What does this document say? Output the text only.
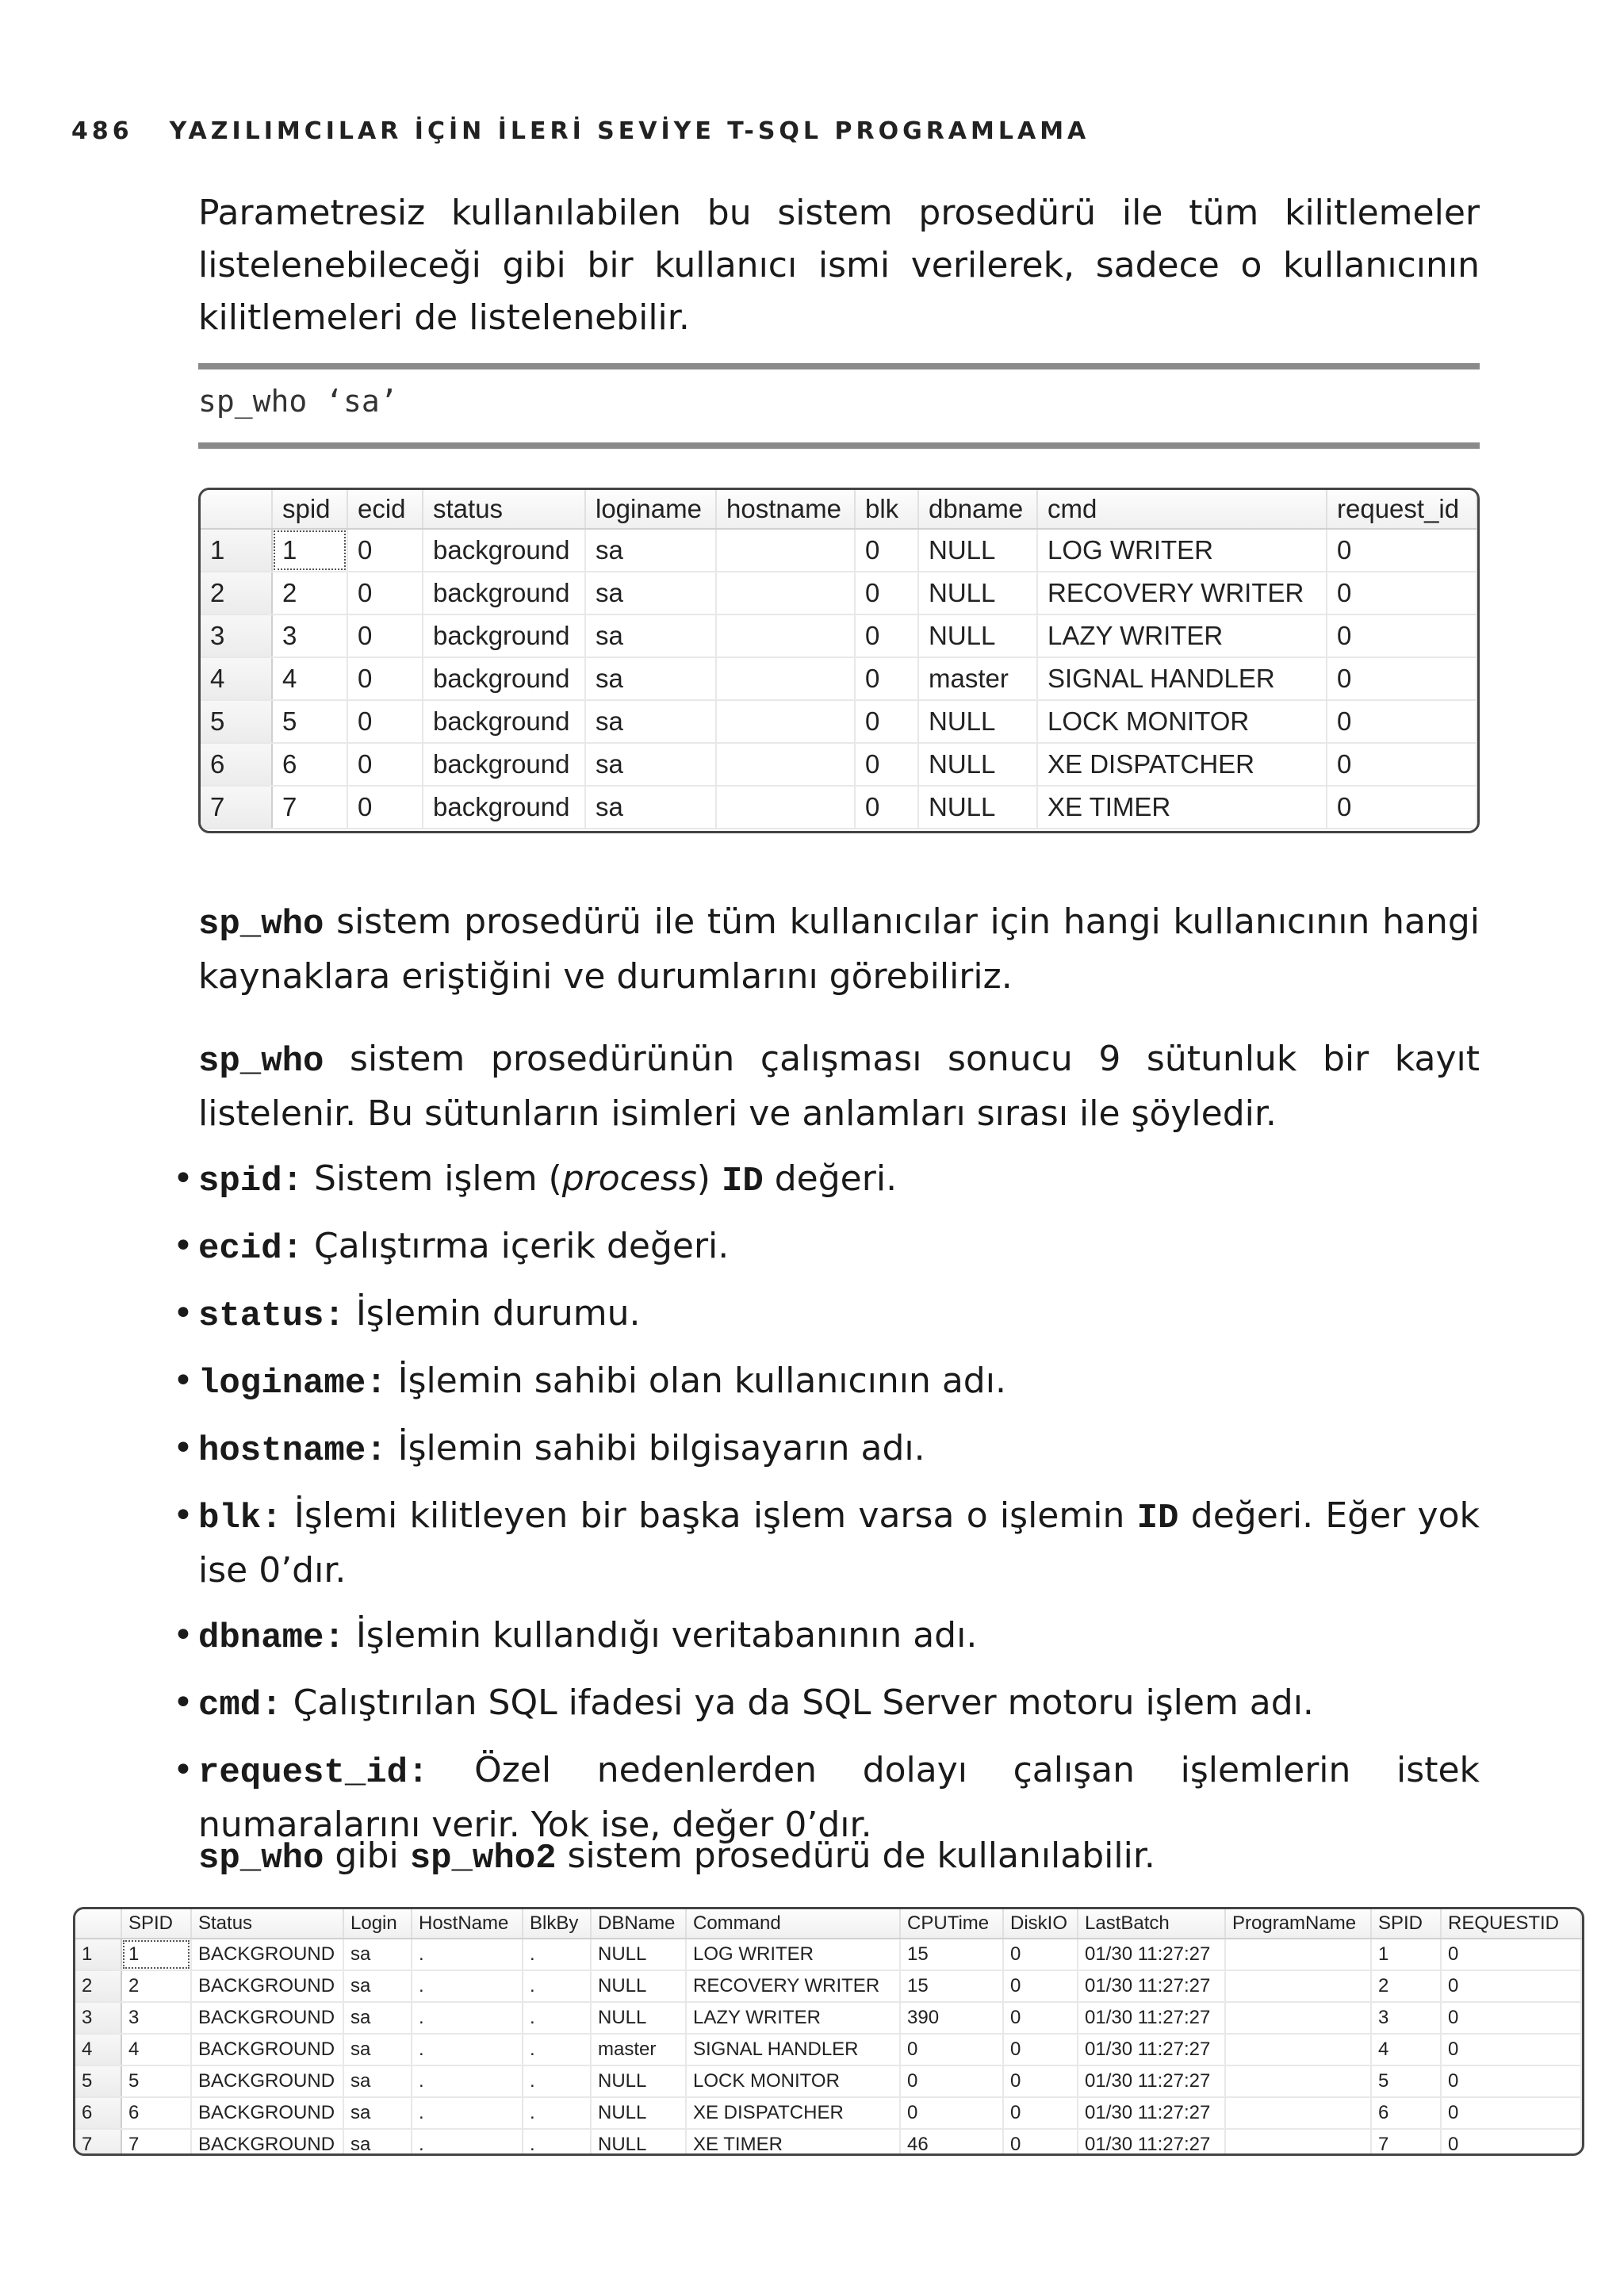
486 YAZILIMCILAR İÇİN İLERİ SEVİYE T-SQL PROGRAMLAMA
Parametresiz kullanılabilen bu sistem prosedürü ile tüm kilitlemeler listelenebileceği gibi bir kullanıcı ismi verilerek, sadece o kullanıcının kilitlemeleri de listelenebilir.
sp_who ‘sa’
	spid	ecid	status	loginame	hostname	blk	dbname	cmd	request_id
1	1	0	background	sa		0	NULL	LOG WRITER	0
2	2	0	background	sa		0	NULL	RECOVERY WRITER	0
3	3	0	background	sa		0	NULL	LAZY WRITER	0
4	4	0	background	sa		0	master	SIGNAL HANDLER	0
5	5	0	background	sa		0	NULL	LOCK MONITOR	0
6	6	0	background	sa		0	NULL	XE DISPATCHER	0
7	7	0	background	sa		0	NULL	XE TIMER	0
sp_who sistem prosedürü ile tüm kullanıcılar için hangi kullanıcının hangi kaynaklara eriştiğini ve durumlarını görebiliriz.
sp_who sistem prosedürünün çalışması sonucu 9 sütunluk bir kayıt listelenir. Bu sütunların isimleri ve anlamları sırası ile şöyledir.
• spid: Sistem işlem (process) ID değeri.
• ecid: Çalıştırma içerik değeri.
• status: İşlemin durumu.
• loginame: İşlemin sahibi olan kullanıcının adı.
• hostname: İşlemin sahibi bilgisayarın adı.
• blk: İşlemi kilitleyen bir başka işlem varsa o işlemin ID değeri. Eğer yok ise 0’dır.
• dbname: İşlemin kullandığı veritabanının adı.
• cmd: Çalıştırılan SQL ifadesi ya da SQL Server motoru işlem adı.
• request_id: Özel nedenlerden dolayı çalışan işlemlerin istek numaralarını verir. Yok ise, değer 0’dır.
sp_who gibi sp_who2 sistem prosedürü de kullanılabilir.
	SPID	Status	Login	HostName	BlkBy	DBName	Command	CPUTime	DiskIO	LastBatch	ProgramName	SPID	REQUESTID
1	1	BACKGROUND	sa	.	.	NULL	LOG WRITER	15	0	01/30 11:27:27		1	0
2	2	BACKGROUND	sa	.	.	NULL	RECOVERY WRITER	15	0	01/30 11:27:27		2	0
3	3	BACKGROUND	sa	.	.	NULL	LAZY WRITER	390	0	01/30 11:27:27		3	0
4	4	BACKGROUND	sa	.	.	master	SIGNAL HANDLER	0	0	01/30 11:27:27		4	0
5	5	BACKGROUND	sa	.	.	NULL	LOCK MONITOR	0	0	01/30 11:27:27		5	0
6	6	BACKGROUND	sa	.	.	NULL	XE DISPATCHER	0	0	01/30 11:27:27		6	0
7	7	BACKGROUND	sa	.	.	NULL	XE TIMER	46	0	01/30 11:27:27		7	0
